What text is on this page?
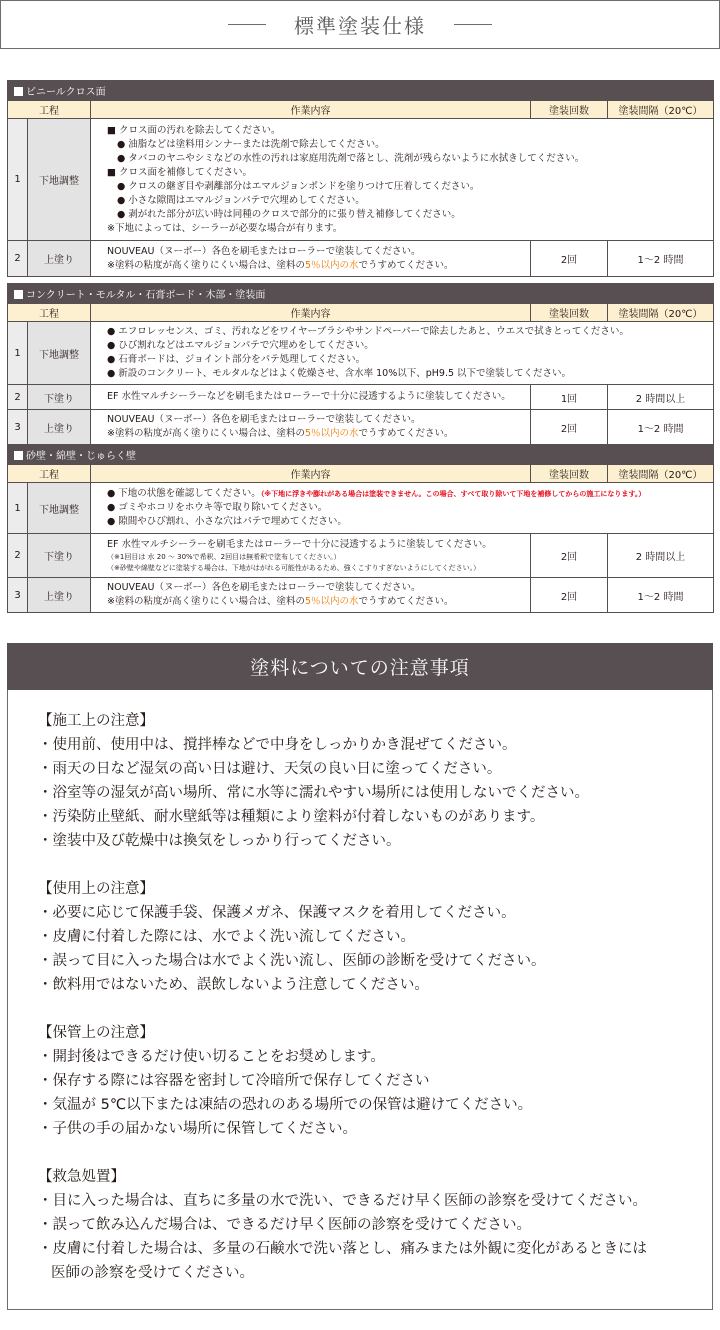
標準塗装仕様
ビニールクロス面				
工程		作業内容	塗装回数	塗装間隔（20℃）
1	下地調整	
■ クロス面の汚れを除去してください。
● 油脂などは塗料用シンナーまたは洗剤で除去してください。
● タバコのヤニやシミなどの水性の汚れは家庭用洗剤で落とし、洗剤が残らないように水拭きしてください。
■ クロス面を補修してください。
● クロスの継ぎ目や剥離部分はエマルジョンボンドを塗りつけて圧着してください。
● 小さな隙間はエマルジョンパテで穴埋めしてください。
● 剥がれた部分が広い時は同種のクロスで部分的に張り替え補修してください。
※下地によっては、シーラーが必要な場合が有ります。

2	上塗り	NOUVEAU（ヌーボー）各色を刷毛またはローラーで塗装してください。
※塗料の粘度が高く塗りにくい場合は、塗料の5％以内の水でうすめてください。	2回	1～2 時間
コンクリート・モルタル・石膏ボード・木部・塗装面				
工程		作業内容	塗装回数	塗装間隔（20℃）
1	下地調整	● エフロレッセンス、ゴミ、汚れなどをワイヤーブラシやサンドペーパーで除去したあと、ウエスで拭きとってください。
● ひび割れなどはエマルジョンパテで穴埋めをしてください。
● 石膏ボードは、ジョイント部分をパテ処理してください。
● 新設のコンクリート、モルタルなどはよく乾燥させ、含水率 10%以下、pH9.5 以下で塗装してください。		

2	下塗り	EF 水性マルチシーラーなどを刷毛またはローラーで十分に浸透するように塗装してください。	1回	2 時間以上
3	上塗り	NOUVEAU（ヌーボー）各色を刷毛またはローラーで塗装してください。
※塗料の粘度が高く塗りにくい場合は、塗料の5％以内の水でうすめてください。	2回	1～2 時間
砂壁・綿壁・じゅらく壁				
工程		作業内容	塗装回数	塗装間隔（20℃）
1	下地調整	● 下地の状態を確認してください。（※下地に浮きや膨れがある場合は塗装できません。この場合、すべて取り除いて下地を補修してからの施工になります。）
● ゴミやホコリをホウキ等で取り除いてください。
● 隙間やひび割れ、小さな穴はパテで埋めてください。		

2	下塗り	EF 水性マルチシーラーを刷毛またはローラーで十分に浸透するように塗装してください。
（※1回目は 水 20 ～ 30%で希釈、2回目は無希釈で塗布してください。）
（※砂壁や綿壁などに塗装する場合は、下地がはがれる可能性があるため、強くこすりすぎないようにしてください。）	2回	2 時間以上
3	上塗り	NOUVEAU（ヌーボー）各色を刷毛またはローラーで塗装してください。
※塗料の粘度が高く塗りにくい場合は、塗料の5％以内の水でうすめてください。	2回	1～2 時間
塗料についての注意事項
【施工上の注意】
・使用前、使用中は、撹拌棒などで中身をしっかりかき混ぜてください。
・雨天の日など湿気の高い日は避け、天気の良い日に塗ってください。
・浴室等の湿気が高い場所、常に水等に濡れやすい場所には使用しないでください。
・汚染防止壁紙、耐水壁紙等は種類により塗料が付着しないものがあります。
・塗装中及び乾燥中は換気をしっかり行ってください。
【使用上の注意】
・必要に応じて保護手袋、保護メガネ、保護マスクを着用してください。
・皮膚に付着した際には、水でよく洗い流してください。
・誤って目に入った場合は水でよく洗い流し、医師の診断を受けてください。
・飲料用ではないため、誤飲しないよう注意してください。
【保管上の注意】
・開封後はできるだけ使い切ることをお奨めします。
・保存する際には容器を密封して冷暗所で保存してください
・気温が 5℃以下または凍結の恐れのある場所での保管は避けてください。
・子供の手の届かない場所に保管してください。
【救急処置】
・目に入った場合は、直ちに多量の水で洗い、できるだけ早く医師の診察を受けてください。
・誤って飲み込んだ場合は、できるだけ早く医師の診察を受けてください。
・皮膚に付着した場合は、多量の石鹸水で洗い落とし、痛みまたは外観に変化があるときには
医師の診察を受けてください。
